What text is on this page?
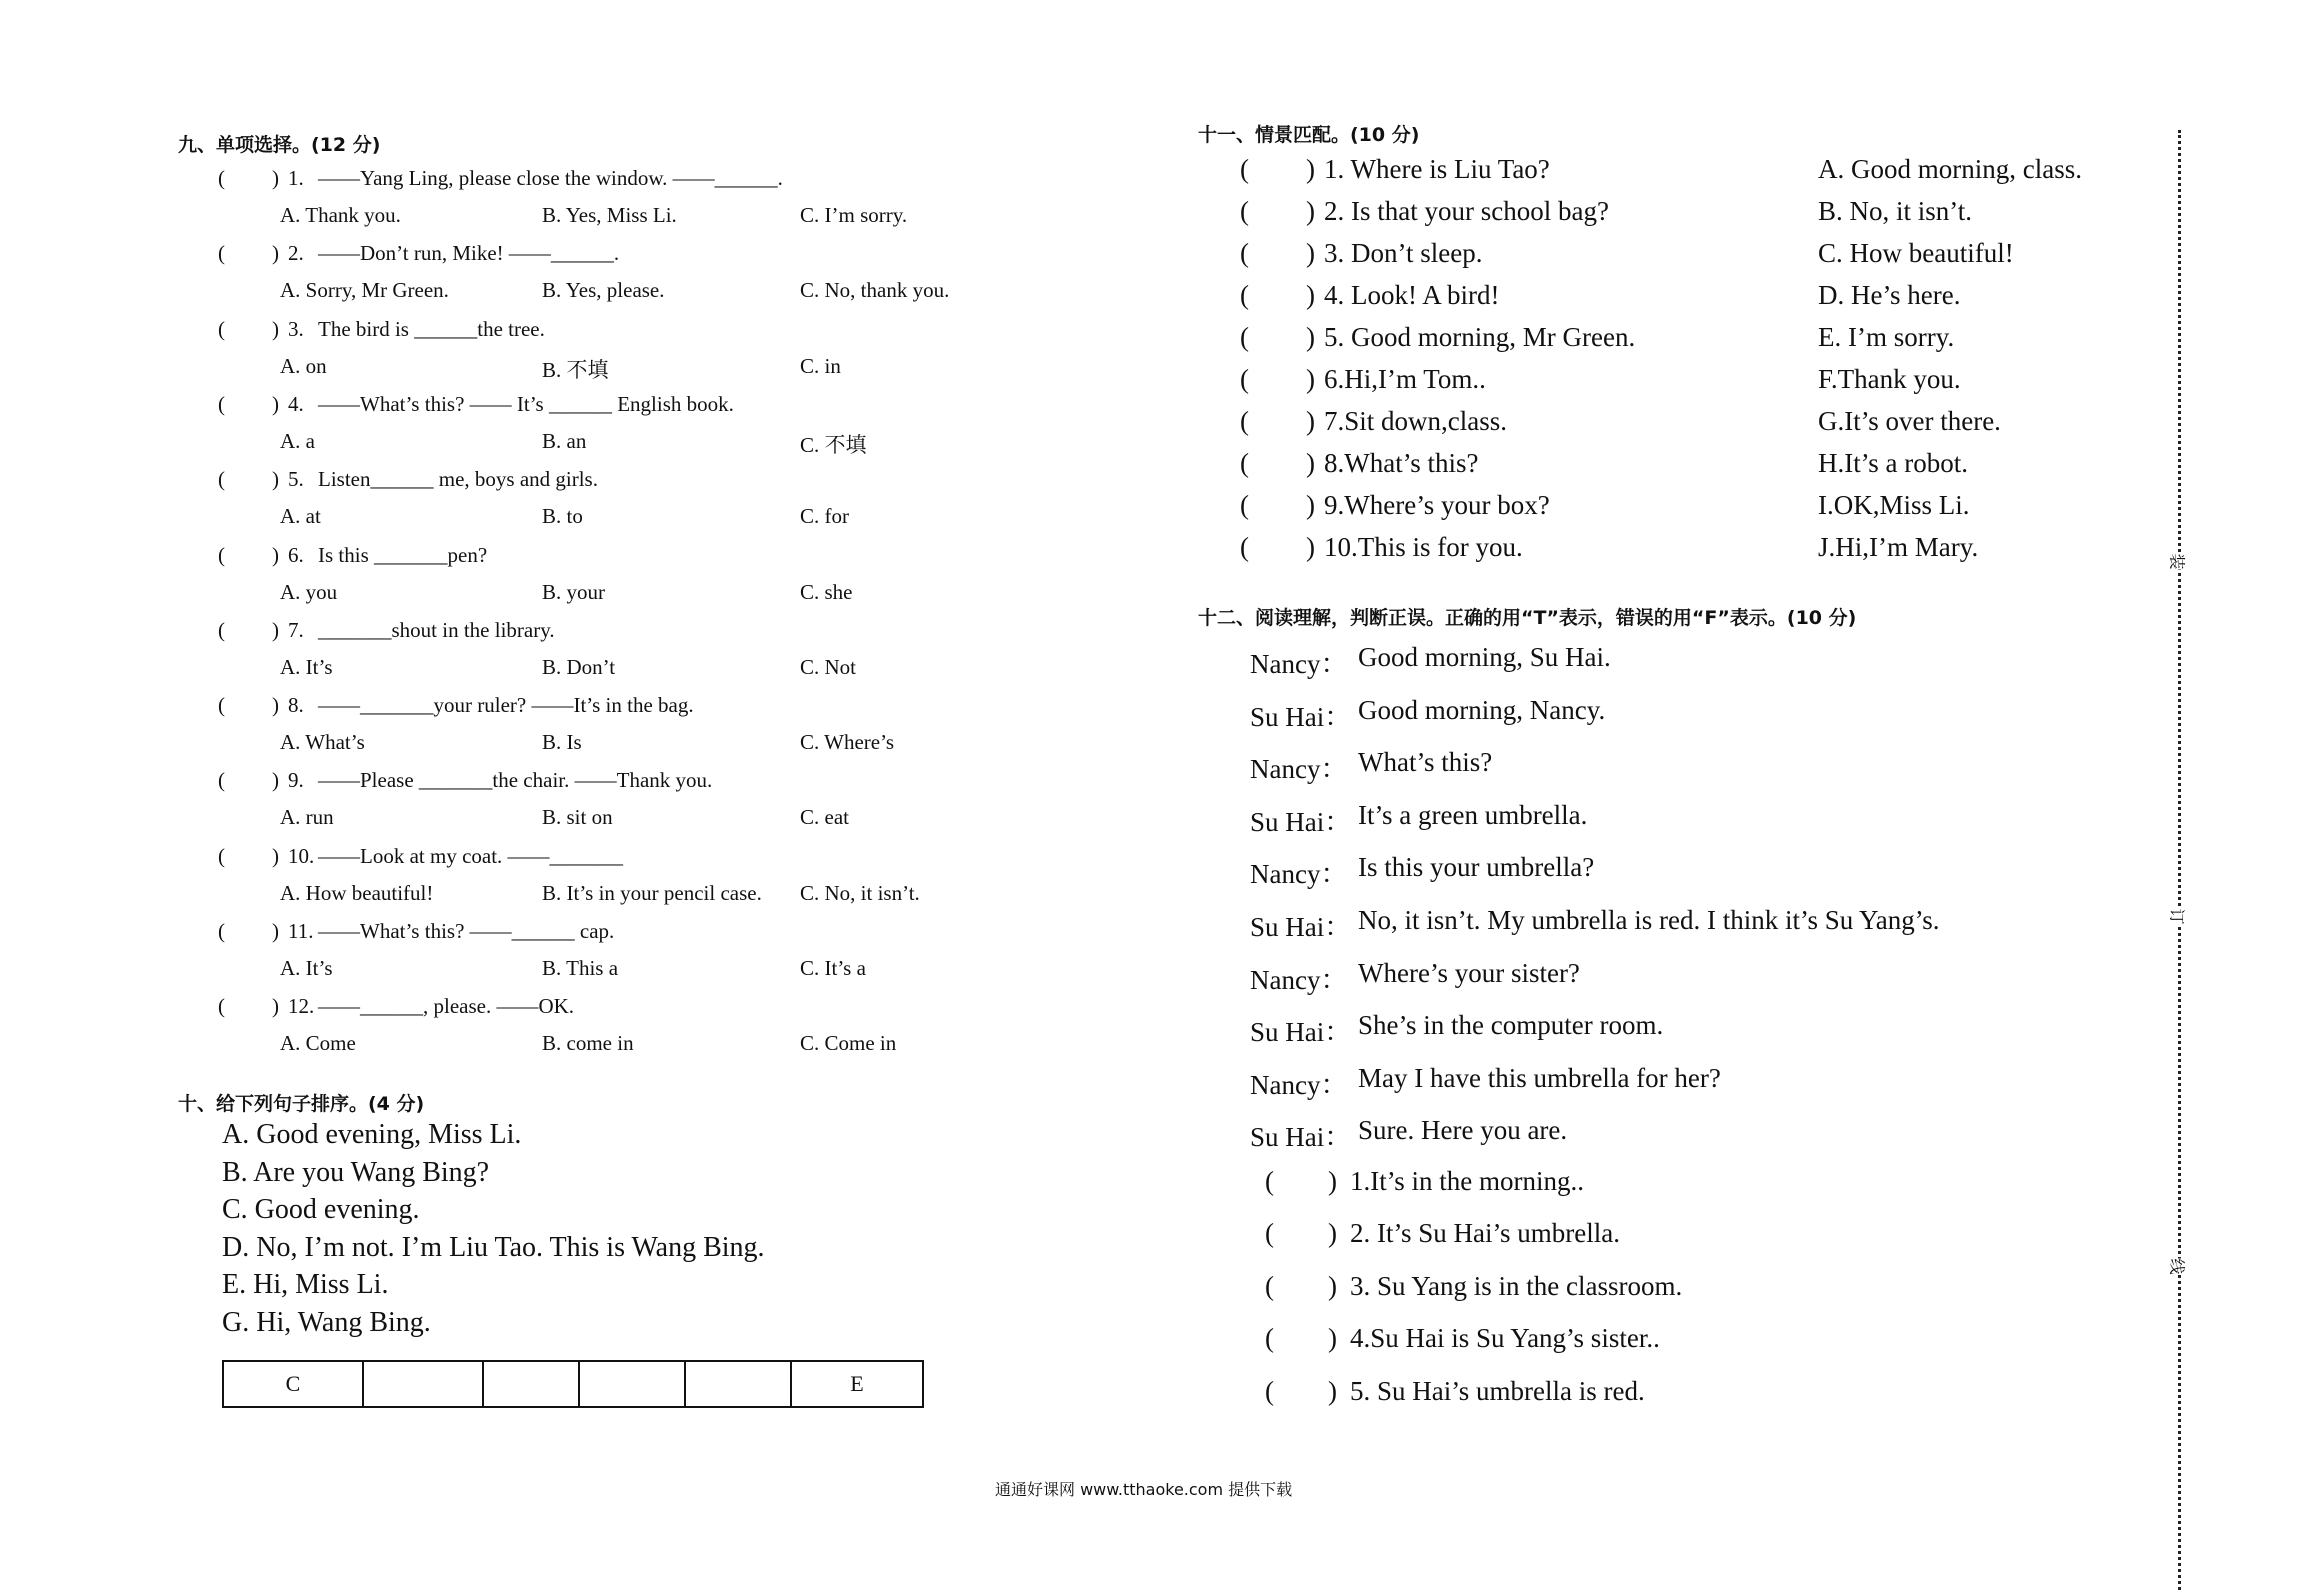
九、单项选择。(12 分)
( ) 1. ——Yang Ling, please close the window. ——______.
A. Thank you.	B. Yes, Miss Li.	C. I’m sorry.
( ) 2. ——Don’t run, Mike! ——______.
A. Sorry, Mr Green.	B. Yes, please.	C. No, thank you.
( ) 3. The bird is ______the tree.
A. on	B. 不填	C. in
( ) 4. ——What’s this? —— It’s ______ English book.
A. a	B. an	C. 不填
( ) 5. Listen______ me, boys and girls.
A. at	B. to	C. for
( ) 6. Is this _______pen?
A. you	B. your	C. she
( ) 7. _______shout in the library.
A. It’s	B. Don’t	C. Not
( ) 8. ——_______your ruler? ——It’s in the bag.
A. What’s	B. Is	C. Where’s
( ) 9. ——Please _______the chair. ——Thank you.
A. run	B. sit on	C. eat
( ) 10. ——Look at my coat. ——_______
A. How beautiful!	B. It’s in your pencil case. C. No, it isn’t.
( ) 11. ——What’s this? ——______ cap.
A. It’s	B. This a	C. It’s a
( ) 12. ——______, please. ——OK.
A. Come	B. come in	C. Come in
十、给下列句子排序。(4 分)
A. Good evening, Miss Li.
B. Are you Wang Bing?
C. Good evening.
D. No, I’m not. I’m Liu Tao. This is Wang Bing.
E. Hi, Miss Li.
G. Hi, Wang Bing.
C					E
十一、情景匹配。(10 分)
( ) 1. Where is Liu Tao?	A. Good morning, class.
( ) 2. Is that your school bag?	B. No, it isn’t.
( ) 3. Don’t sleep.	C. How beautiful!
( ) 4. Look! A bird!	D. He’s here.
( ) 5. Good morning, Mr Green.	E. I’m sorry.
( ) 6.Hi,I’m Tom..	F.Thank you.
( ) 7.Sit down,class.	G.It’s over there.
( ) 8.What’s this?	H.It’s a robot.
( ) 9.Where’s your box?	I.OK,Miss Li.
( ) 10.This is for you.	J.Hi,I’m Mary.
十二、阅读理解，判断正误。正确的用“T”表示，错误的用“F”表示。(10 分)
Nancy： Good morning, Su Hai.
Su Hai： Good morning, Nancy.
Nancy： What’s this?
Su Hai： It’s a green umbrella.
Nancy： Is this your umbrella?
Su Hai： No, it isn’t. My umbrella is red. I think it’s Su Yang’s.
Nancy： Where’s your sister?
Su Hai： She’s in the computer room.
Nancy： May I have this umbrella for her?
Su Hai： Sure. Here you are.
( ) 1.It’s in the morning..
( ) 2. It’s Su Hai’s umbrella.
( ) 3. Su Yang is in the classroom.
( ) 4.Su Hai is Su Yang’s sister..
( ) 5. Su Hai’s umbrella is red.
装
订
线
通通好课网 www.tthaoke.com 提供下载
